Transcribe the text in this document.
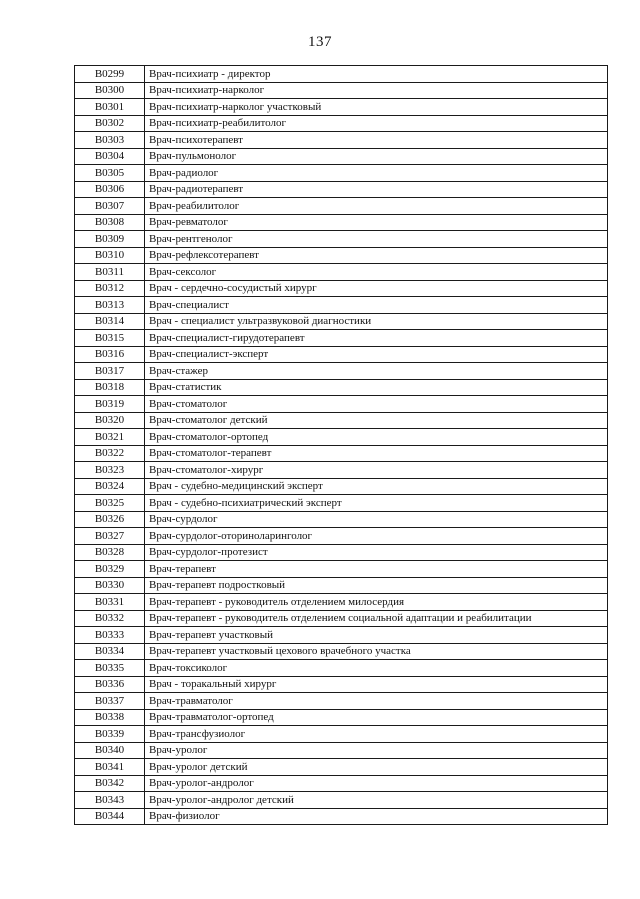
137
B0299	Врач-психиатр - директор
B0300	Врач-психиатр-нарколог
B0301	Врач-психиатр-нарколог участковый
B0302	Врач-психиатр-реабилитолог
B0303	Врач-психотерапевт
B0304	Врач-пульмонолог
B0305	Врач-радиолог
B0306	Врач-радиотерапевт
B0307	Врач-реабилитолог
B0308	Врач-ревматолог
B0309	Врач-рентгенолог
B0310	Врач-рефлексотерапевт
B0311	Врач-сексолог
B0312	Врач - сердечно-сосудистый хирург
B0313	Врач-специалист
B0314	Врач - специалист ультразвуковой диагностики
B0315	Врач-специалист-гирудотерапевт
B0316	Врач-специалист-эксперт
B0317	Врач-стажер
B0318	Врач-статистик
B0319	Врач-стоматолог
B0320	Врач-стоматолог детский
B0321	Врач-стоматолог-ортопед
B0322	Врач-стоматолог-терапевт
B0323	Врач-стоматолог-хирург
B0324	Врач - судебно-медицинский эксперт
B0325	Врач - судебно-психиатрический эксперт
B0326	Врач-сурдолог
B0327	Врач-сурдолог-оториноларинголог
B0328	Врач-сурдолог-протезист
B0329	Врач-терапевт
B0330	Врач-терапевт подростковый
B0331	Врач-терапевт - руководитель отделением милосердия
B0332	Врач-терапевт - руководитель отделением социальной адаптации и реабилитации
B0333	Врач-терапевт участковый
B0334	Врач-терапевт участковый цехового врачебного участка
B0335	Врач-токсиколог
B0336	Врач - торакальный хирург
B0337	Врач-травматолог
B0338	Врач-травматолог-ортопед
B0339	Врач-трансфузиолог
B0340	Врач-уролог
B0341	Врач-уролог детский
B0342	Врач-уролог-андролог
B0343	Врач-уролог-андролог детский
B0344	Врач-физиолог
